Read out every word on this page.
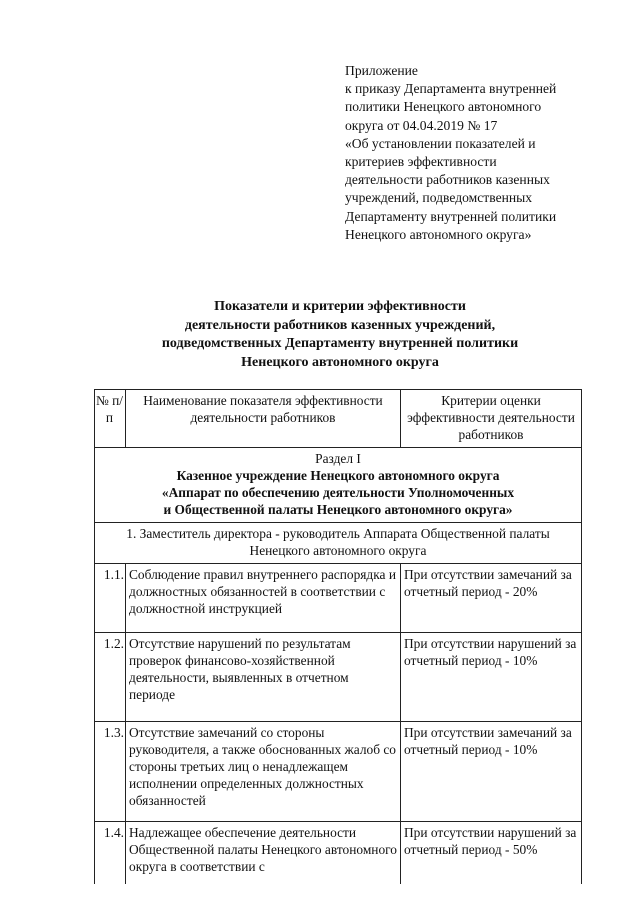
Приложение
к приказу Департамента внутренней
политики Ненецкого автономного
округа от 04.04.2019 № 17
«Об установлении показателей и
критериев эффективности
деятельности работников казенных
учреждений, подведомственных
Департаменту внутренней политики
Ненецкого автономного округа»
Показатели и критерии эффективности
деятельности работников казенных учреждений,
подведомственных Департаменту внутренней политики
Ненецкого автономного округа
№ п/п	Наименование показателя эффективности деятельности работников	Критерии оценки эффективности деятельности работников

Раздел I
Казенное учреждение Ненецкого автономного округа
«Аппарат по обеспечению деятельности Уполномоченных
и Общественной палаты Ненецкого автономного округа»		

1. Заместитель директора - руководитель Аппарата Общественной палаты Ненецкого автономного округа		
1.1.	Соблюдение правил внутреннего распорядка и должностных обязанностей в соответствии с должностной инструкцией	При отсутствии замечаний за отчетный период - 20%
1.2.	Отсутствие нарушений по результатам проверок финансово-хозяйственной деятельности, выявленных в отчетном периоде	При отсутствии нарушений за отчетный период - 10%
1.3.	Отсутствие замечаний со стороны руководителя, а также обоснованных жалоб со стороны третьих лиц о ненадлежащем исполнении определенных должностных обязанностей	При отсутствии замечаний за отчетный период - 10%
1.4.	Надлежащее обеспечение деятельности Общественной палаты Ненецкого автономного округа в соответствии с	При отсутствии нарушений за отчетный период - 50%
